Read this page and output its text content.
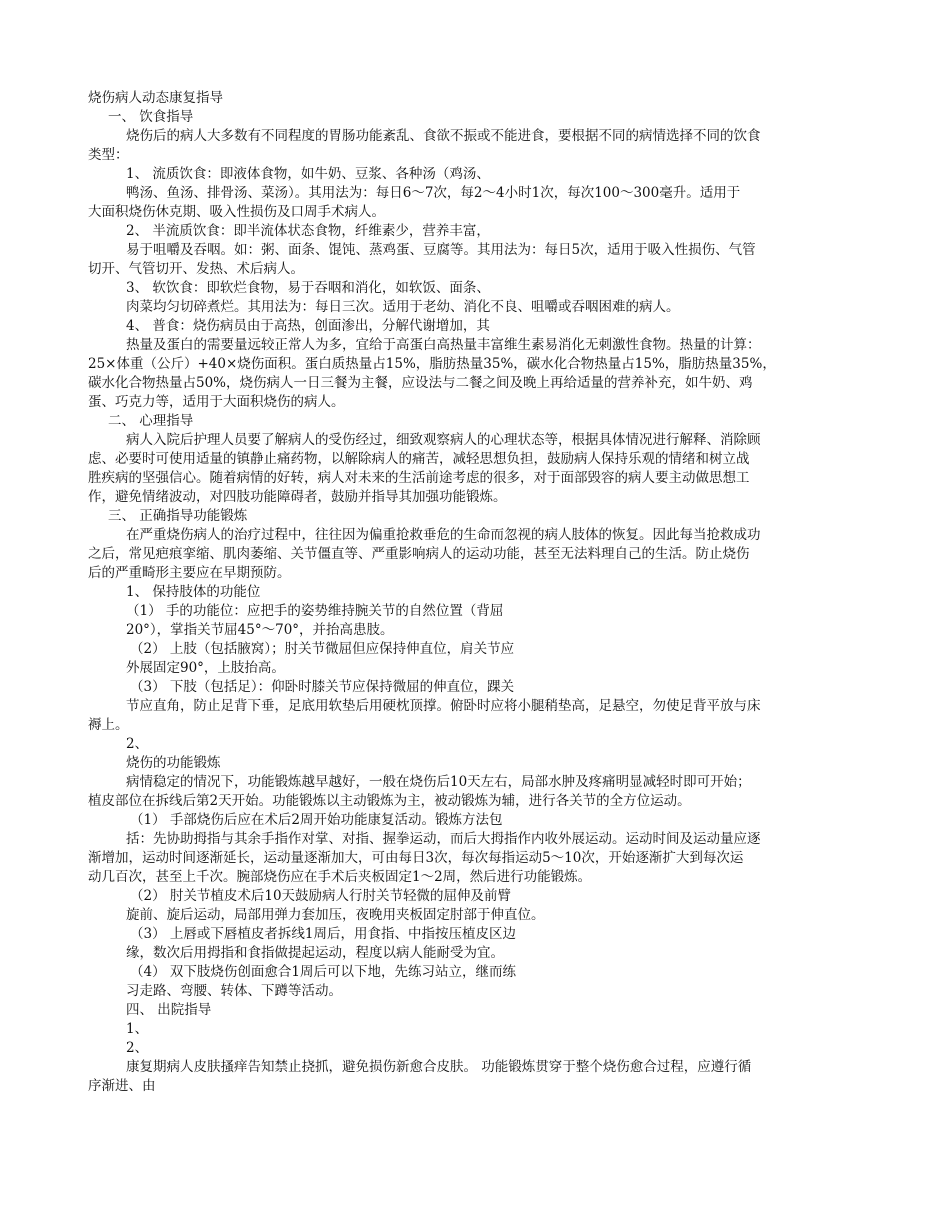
烧伤病人动态康复指导
一、 饮食指导
烧伤后的病人大多数有不同程度的胃肠功能紊乱、食欲不振或不能进食，要根据不同的病情选择不同的饮食
类型：
1、 流质饮食：即液体食物，如牛奶、豆浆、各种汤（鸡汤、
鸭汤、鱼汤、排骨汤、菜汤）。其用法为：每日6～7次，每2～4小时1次，每次100～300毫升。适用于
大面积烧伤休克期、吸入性损伤及口周手术病人。
2、 半流质饮食：即半流体状态食物，纤维素少，营养丰富，
易于咀嚼及吞咽。如：粥、面条、馄饨、蒸鸡蛋、豆腐等。其用法为：每日5次，适用于吸入性损伤、气管
切开、气管切开、发热、术后病人。
3、 软饮食：即软烂食物，易于吞咽和消化，如软饭、面条、
肉菜均匀切碎煮烂。其用法为：每日三次。适用于老幼、消化不良、咀嚼或吞咽困难的病人。
4、 普食：烧伤病员由于高热，创面渗出，分解代谢增加，其
热量及蛋白的需要量远较正常人为多，宜给于高蛋白高热量丰富维生素易消化无刺激性食物。热量的计算：
25×体重（公斤）+40×烧伤面积。蛋白质热量占15%，脂肪热量35%，碳水化合物热量占15%，脂肪热量35%，
碳水化合物热量占50%，烧伤病人一日三餐为主餐，应设法与二餐之间及晚上再给适量的营养补充，如牛奶、鸡
蛋、巧克力等，适用于大面积烧伤的病人。
二、 心理指导
病人入院后护理人员要了解病人的受伤经过，细致观察病人的心理状态等，根据具体情况进行解释、消除顾
虑、必要时可使用适量的镇静止痛药物，以解除病人的痛苦，减轻思想负担，鼓励病人保持乐观的情绪和树立战
胜疾病的坚强信心。随着病情的好转，病人对未来的生活前途考虑的很多，对于面部毁容的病人要主动做思想工
作，避免情绪波动，对四肢功能障碍者，鼓励并指导其加强功能锻炼。
三、 正确指导功能锻炼
在严重烧伤病人的治疗过程中，往往因为偏重抢救垂危的生命而忽视的病人肢体的恢复。因此每当抢救成功
之后，常见疤痕挛缩、肌肉萎缩、关节僵直等、严重影响病人的运动功能，甚至无法料理自己的生活。防止烧伤
后的严重畸形主要应在早期预防。
1、 保持肢体的功能位
（1） 手的功能位：应把手的姿势维持腕关节的自然位置（背屈
20°），掌指关节屈45°～70°，并抬高患肢。
（2） 上肢（包括腋窝）；肘关节微屈但应保持伸直位，肩关节应
外展固定90°，上肢抬高。
（3） 下肢（包括足）：仰卧时膝关节应保持微屈的伸直位，踝关
节应直角，防止足背下垂，足底用软垫后用硬枕顶撑。俯卧时应将小腿稍垫高，足悬空，勿使足背平放与床
褥上。
2、
烧伤的功能锻炼
病情稳定的情况下，功能锻炼越早越好，一般在烧伤后10天左右，局部水肿及疼痛明显减轻时即可开始；
植皮部位在拆线后第2天开始。功能锻炼以主动锻炼为主，被动锻炼为辅，进行各关节的全方位运动。
（1） 手部烧伤后应在术后2周开始功能康复活动。锻炼方法包
括：先协助拇指与其余手指作对掌、对指、握拳运动，而后大拇指作内收外展运动。运动时间及运动量应逐
渐增加，运动时间逐渐延长，运动量逐渐加大，可由每日3次，每次每指运动5～10次，开始逐渐扩大到每次运
动几百次，甚至上千次。腕部烧伤应在手术后夹板固定1～2周，然后进行功能锻炼。
（2） 肘关节植皮术后10天鼓励病人行肘关节轻微的屈伸及前臂
旋前、旋后运动，局部用弹力套加压，夜晚用夹板固定肘部于伸直位。
（3） 上唇或下唇植皮者拆线1周后，用食指、中指按压植皮区边
缘，数次后用拇指和食指做提起运动，程度以病人能耐受为宜。
（4） 双下肢烧伤创面愈合1周后可以下地，先练习站立，继而练
习走路、弯腰、转体、下蹲等活动。
四、 出院指导
1、
2、
康复期病人皮肤搔痒告知禁止挠抓，避免损伤新愈合皮肤。 功能锻炼贯穿于整个烧伤愈合过程，应遵行循
序渐进、由
